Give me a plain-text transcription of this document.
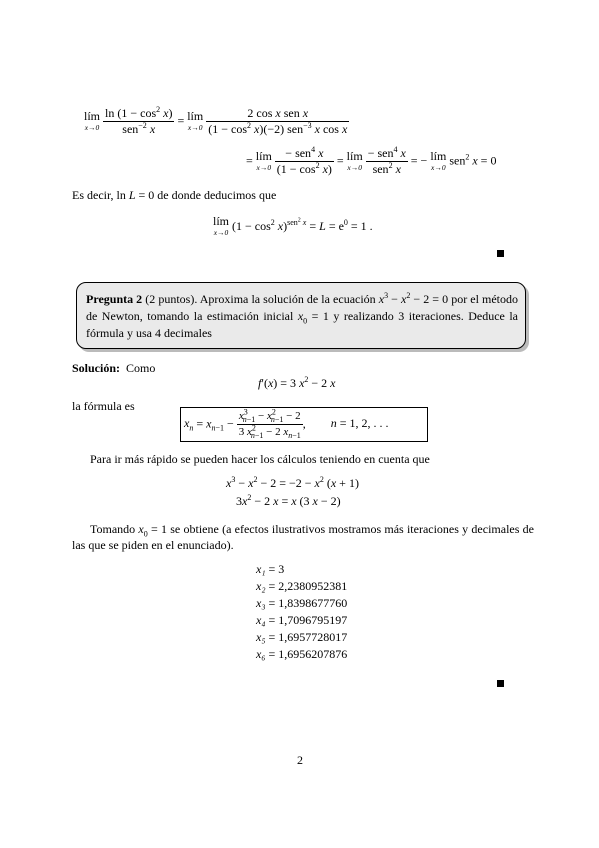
lím
x→0
$\frac{\ln (1 - \cos^2 x)}{sen^{-2} x}$ = lím
x→0
$\frac{\text{2 cos x sen x}}{(1 - \cos^2 x)(-2) sen^{-3} x \cos x}$
= lím
x→0
$\frac{- sen^4 x}{(1 - \cos^2 x)}$ = lím
x→0
$\frac{- sen^4 x}{sen^2 x}$ = − lím
x→0 sen$^2$ x = 0
Es decir, ln L = 0 de donde deducimos que
lím
x→0 $(1 - \cos^2 x)^{sen^2 x} = L = e^0 = 1$ .
Pregunta 2 (2 puntos). Aproxima la solución de la ecuación $x^3 - x^2 - 2 = 0$ por el método de Newton, tomando la estimación inicial $x_0 = 1$ y realizando 3 iteraciones. Deduce la fórmula y usa 4 decimales
Solución: Como
f′(x) = 3 $x^2 - 2$ x
la fórmula es
$x_n = x_{n-1} - \frac{x^3_{n-1} - x^2_{n-1} - 2}{3 x^2_{n-1} - 2 x_{n-1}}$ , n = 1, 2, . . .
Para ir más rápido se pueden hacer los cálculos teniendo en cuenta que
$x^3 - x^2 - 2 = -2 - x^2$ (x + 1)
$3x^2 - 2$ x = x (3 x − 2)
Tomando $x_0 = 1$ se obtiene (a efectos ilustrativos mostramos más iteraciones y decimales de las que se piden en el enunciado).
x₁ = 3
x₂ = 2,2380952381
x₃ = 1,8398677760
x₄ = 1,7096795197
x₅ = 1,6957728017
x₆ = 1,6956207876
2
